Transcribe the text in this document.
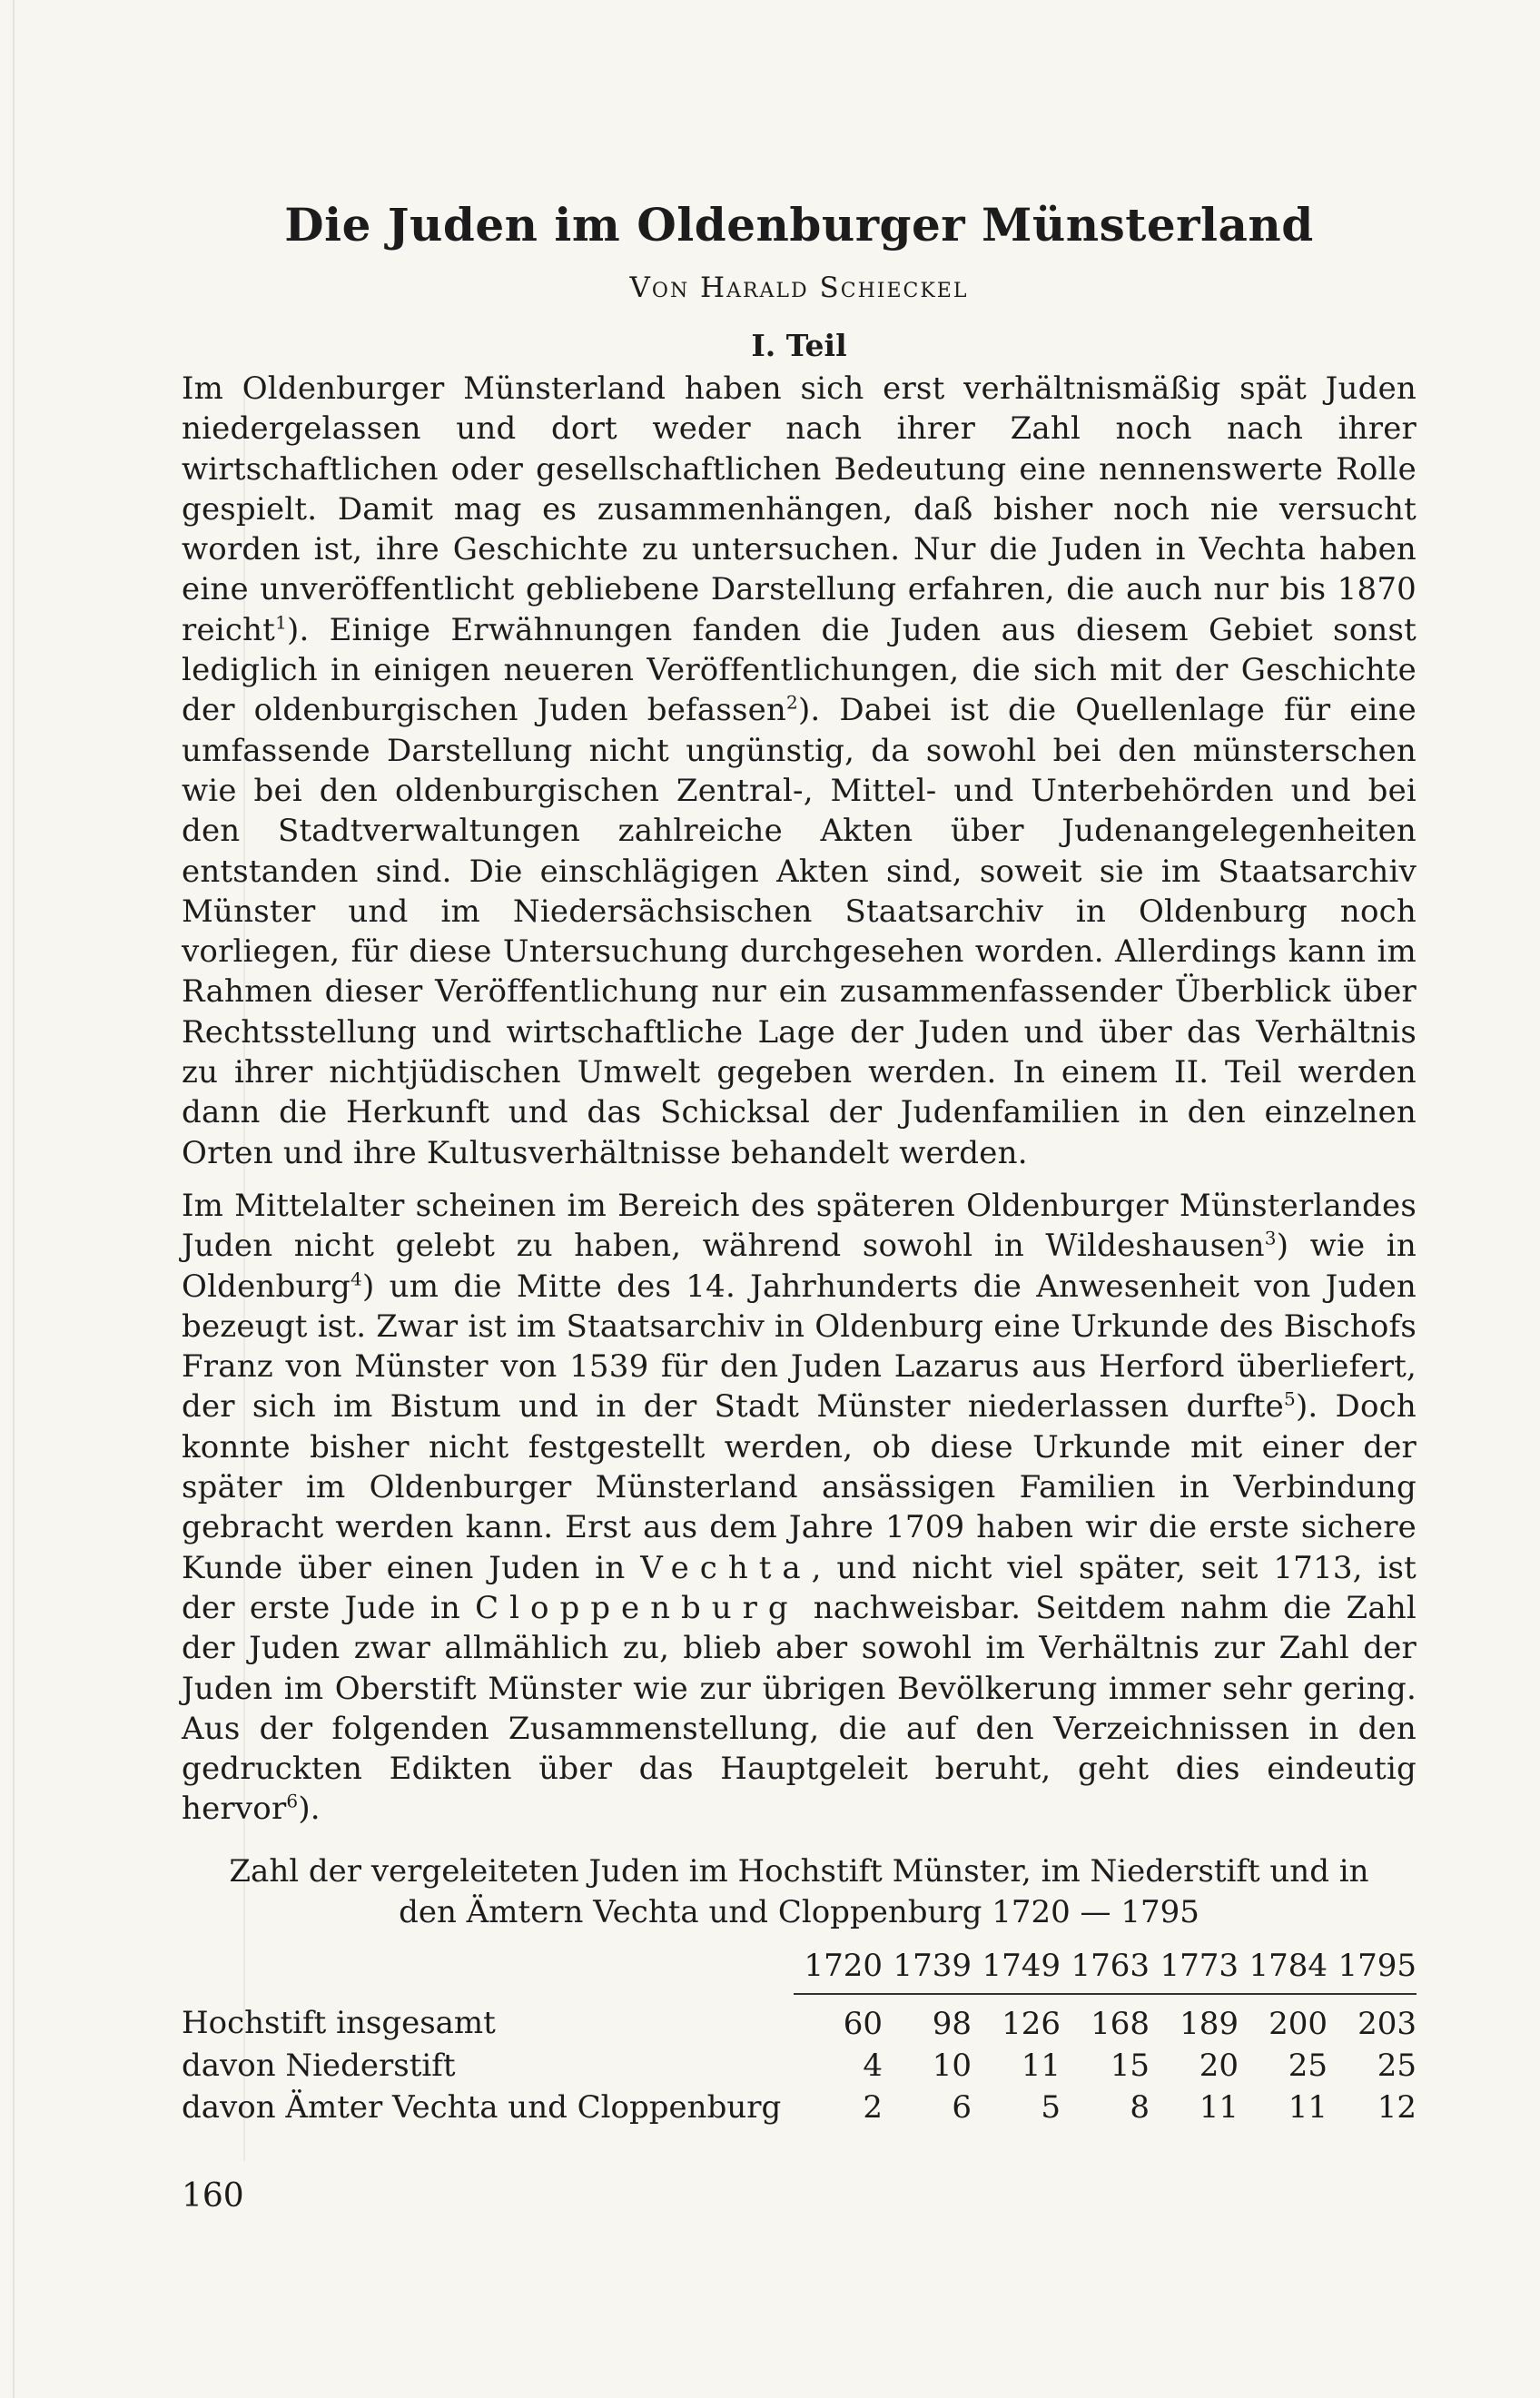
Die Juden im Oldenburger Münsterland
Von Harald Schieckel
I. Teil

Im Oldenburger Münsterland haben sich erst verhältnismäßig spät Juden niedergelassen und dort weder nach ihrer Zahl noch nach ihrer wirtschaftlichen oder gesellschaftlichen Bedeutung eine nennenswerte Rolle gespielt. Damit mag es zusammenhängen, daß bisher noch nie versucht worden ist, ihre Geschichte zu untersuchen. Nur die Juden in Vechta haben eine unveröffentlicht gebliebene Darstellung erfahren, die auch nur bis 1870 reicht$^1$). Einige Erwähnungen fanden die Juden aus diesem Gebiet sonst lediglich in einigen neueren Veröffentlichungen, die sich mit der Geschichte der oldenburgischen Juden befassen$^2$). Dabei ist die Quellenlage für eine umfassende Darstellung nicht ungünstig, da sowohl bei den münsterschen wie bei den oldenburgischen Zentral-, Mittel- und Unterbehörden und bei den Stadtverwaltungen zahlreiche Akten über Judenangelegenheiten entstanden sind. Die einschlägigen Akten sind, soweit sie im Staatsarchiv Münster und im Niedersächsischen Staatsarchiv in Oldenburg noch vorliegen, für diese Untersuchung durchgesehen worden. Allerdings kann im Rahmen dieser Veröffentlichung nur ein zusammenfassender Überblick über Rechtsstellung und wirtschaftliche Lage der Juden und über das Verhältnis zu ihrer nichtjüdischen Umwelt gegeben werden. In einem II. Teil werden dann die Herkunft und das Schicksal der Judenfamilien in den einzelnen Orten und ihre Kultusverhältnisse behandelt werden.

Im Mittelalter scheinen im Bereich des späteren Oldenburger Münsterlandes Juden nicht gelebt zu haben, während sowohl in Wildeshausen$^3$) wie in Oldenburg$^4$) um die Mitte des 14. Jahrhunderts die Anwesenheit von Juden bezeugt ist. Zwar ist im Staatsarchiv in Oldenburg eine Urkunde des Bischofs Franz von Münster von 1539 für den Juden Lazarus aus Herford überliefert, der sich im Bistum und in der Stadt Münster niederlassen durfte$^5$). Doch konnte bisher nicht festgestellt werden, ob diese Urkunde mit einer der später im Oldenburger Münsterland ansässigen Familien in Verbindung gebracht werden kann. Erst aus dem Jahre 1709 haben wir die erste sichere Kunde über einen Juden in Vechta, und nicht viel später, seit 1713, ist der erste Jude in Cloppenburg nachweisbar. Seitdem nahm die Zahl der Juden zwar allmählich zu, blieb aber sowohl im Verhältnis zur Zahl der Juden im Oberstift Münster wie zur übrigen Bevölkerung immer sehr gering. Aus der folgenden Zusammenstellung, die auf den Verzeichnissen in den gedruckten Edikten über das Hauptgeleit beruht, geht dies eindeutig hervor$^6$).

Zahl der vergeleiteten Juden im Hochstift Münster, im Niederstift und in
den Ämtern Vechta und Cloppenburg 1720 — 1795
	1720	1739	1749	1763	1773	1784	1795
Hochstift insgesamt	60	98	126	168	189	200	203
davon Niederstift	4	10	11	15	20	25	25
davon Ämter Vechta und Cloppenburg	2	6	5	8	11	11	12
160
